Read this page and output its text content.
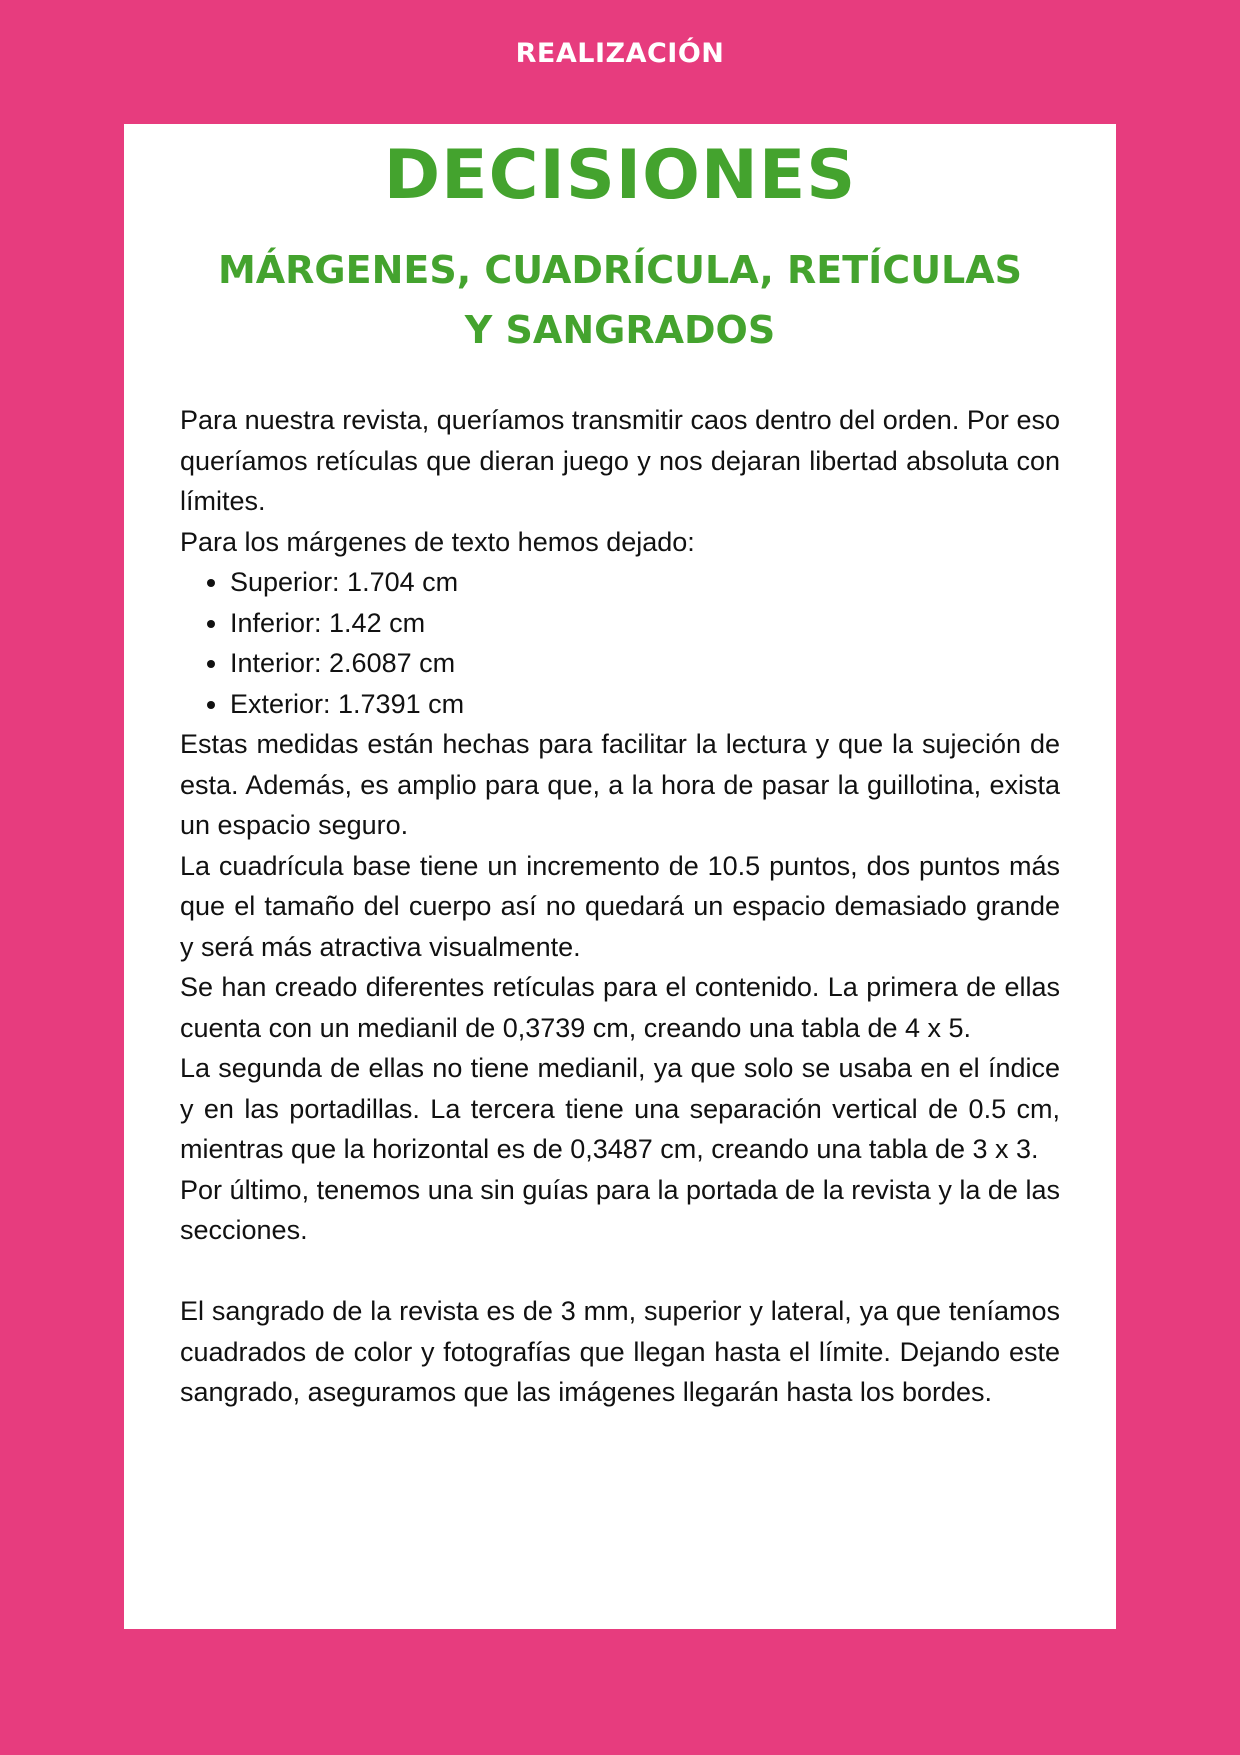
REALIZACIÓN
DECISIONES
MÁRGENES, CUADRÍCULA, RETÍCULAS Y SANGRADOS

Para nuestra revista, queríamos transmitir caos dentro del orden. Por eso queríamos retículas que dieran juego y nos dejaran libertad absoluta con límites.

Para los márgenes de texto hemos dejado:

• Superior: 1.704 cm
• Inferior: 1.42 cm
• Interior: 2.6087 cm
• Exterior: 1.7391 cm

Estas medidas están hechas para facilitar la lectura y que la sujeción de esta. Además, es amplio para que, a la hora de pasar la guillotina, exista un espacio seguro.

La cuadrícula base tiene un incremento de 10.5 puntos, dos puntos más que el tamaño del cuerpo así no quedará un espacio demasiado grande y será más atractiva visualmente.

Se han creado diferentes retículas para el contenido. La primera de ellas cuenta con un medianil de 0,3739 cm, creando una tabla de 4 x 5.

La segunda de ellas no tiene medianil, ya que solo se usaba en el índice y en las portadillas. La tercera tiene una separación vertical de 0.5 cm, mientras que la horizontal es de 0,3487 cm, creando una tabla de 3 x 3.

Por último, tenemos una sin guías para la portada de la revista y la de las secciones.

El sangrado de la revista es de 3 mm, superior y lateral, ya que teníamos cuadrados de color y fotografías que llegan hasta el límite. Dejando este sangrado, aseguramos que las imágenes llegarán hasta los bordes.
